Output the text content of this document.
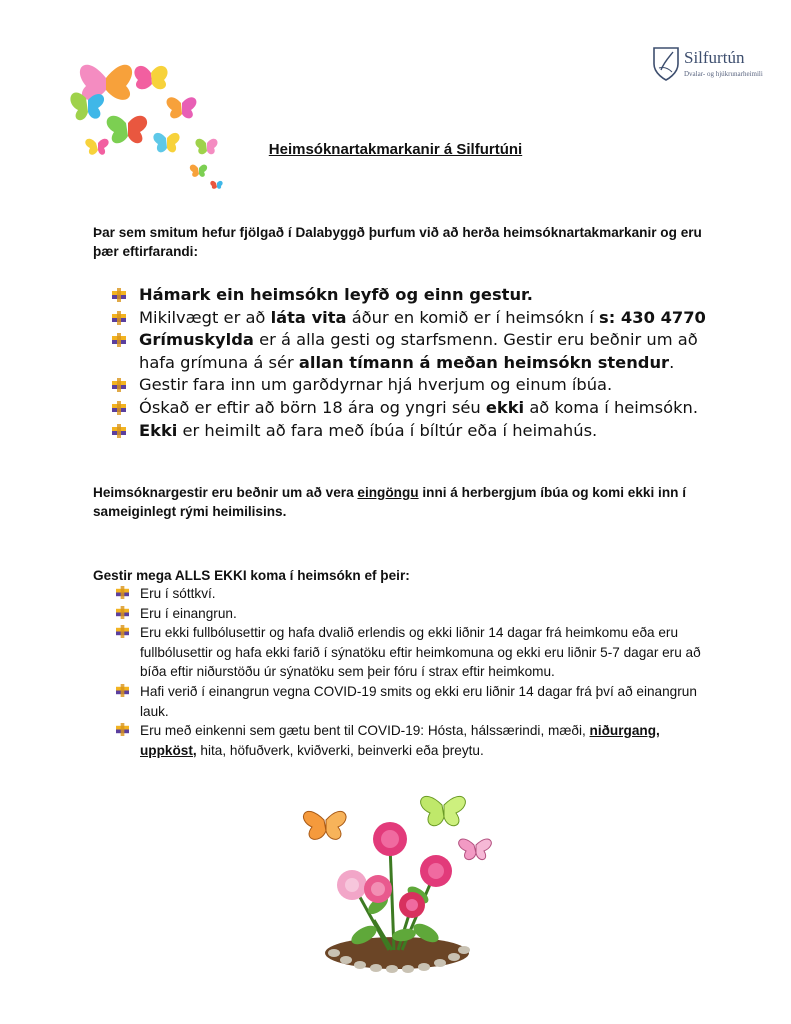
Silfurtún
Dvalar- og hjúkrunarheimili
Heimsóknartakmarkanir á Silfurtúni
Þar sem smitum hefur fjölgað í Dalabyggð þurfum við að herða heimsóknartakmarkanir og eru þær eftirfarandi:
Hámark ein heimsókn leyfð og einn gestur.
Mikilvægt er að láta vita áður en komið er í heimsókn í s: 430 4770
Grímuskylda er á alla gesti og starfsmenn. Gestir eru beðnir um að hafa grímuna á sér allan tímann á meðan heimsókn stendur.
Gestir fara inn um garðdyrnar hjá hverjum og einum íbúa.
Óskað er eftir að börn 18 ára og yngri séu ekki að koma í heimsókn.
Ekki er heimilt að fara með íbúa í bíltúr eða í heimahús.
Heimsóknargestir eru beðnir um að vera eingöngu inni á herbergjum íbúa og komi ekki inn í sameiginlegt rými heimilisins.
Gestir mega ALLS EKKI koma í heimsókn ef þeir:
Eru í sóttkví.
Eru í einangrun.
Eru ekki fullbólusettir og hafa dvalið erlendis og ekki liðnir 14 dagar frá heimkomu eða eru fullbólusettir og hafa ekki farið í sýnatöku eftir heimkomuna og ekki eru liðnir 5-7 dagar eru að bíða eftir niðurstöðu úr sýnatöku sem þeir fóru í strax eftir heimkomu.
Hafi verið í einangrun vegna COVID-19 smits og ekki eru liðnir 14 dagar frá því að einangrun lauk.
Eru með einkenni sem gætu bent til COVID-19: Hósta, hálssærindi, mæði, niðurgang, uppköst, hita, höfuðverk, kviðverki, beinverki eða þreytu.
